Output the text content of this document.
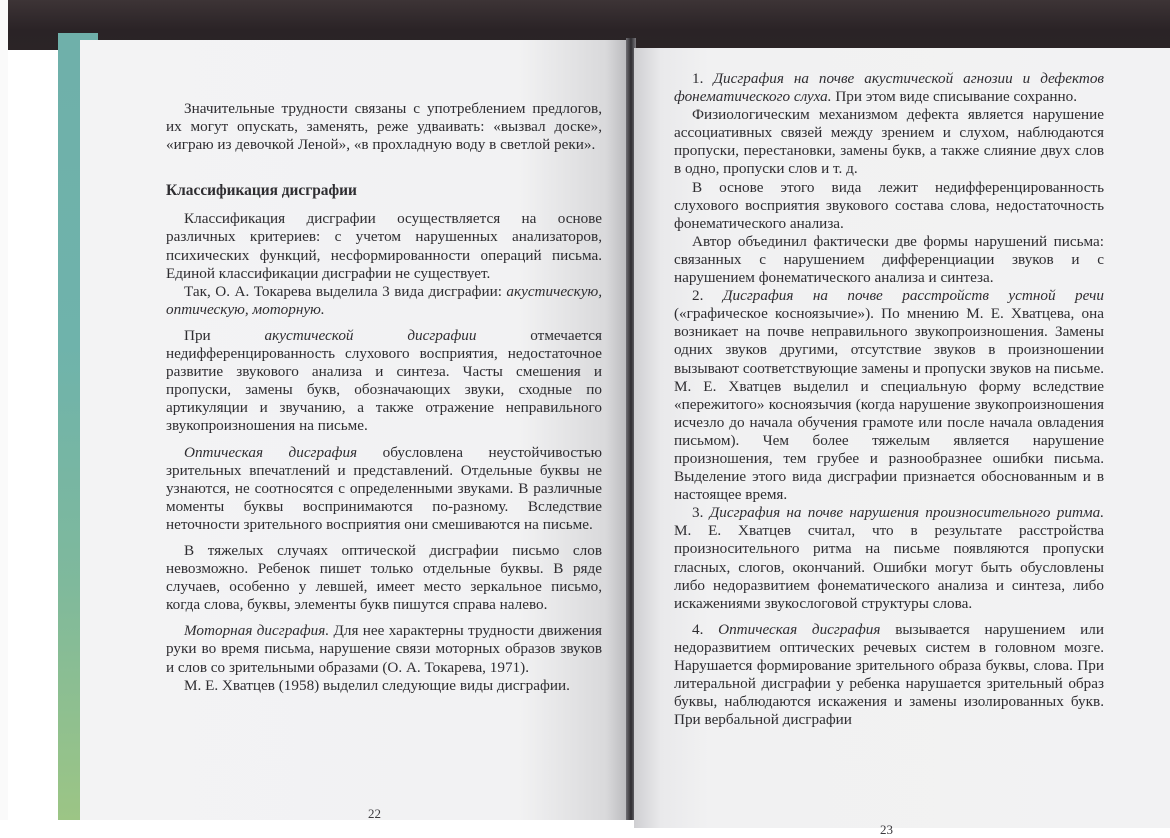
Значительные трудности связаны с употреблением предлогов, их могут опускать, заменять, реже удваивать: «вызвал доске», «играю из девочкой Леной», «в прохладную воду в светлой реки».

Классификация дисграфии

Классификация дисграфии осуществляется на основе различных критериев: с учетом нарушенных анализаторов, психических функций, несформированности операций письма. Единой классификации дисграфии не существует.

Так, О. А. Токарева выделила 3 вида дисграфии: акустическую, оптическую, моторную.

При акустической дисграфии отмечается недифференцированность слухового восприятия, недостаточное развитие звукового анализа и синтеза. Часты смешения и пропуски, замены букв, обозначающих звуки, сходные по артикуляции и звучанию, а также отражение неправильного звукопроизношения на письме.

Оптическая дисграфия обусловлена неустойчивостью зрительных впечатлений и представлений. Отдельные буквы не узнаются, не соотносятся с определенными звуками. В различные моменты буквы воспринимаются по-разному. Вследствие неточности зрительного восприятия они смешиваются на письме.

В тяжелых случаях оптической дисграфии письмо слов невозможно. Ребенок пишет только отдельные буквы. В ряде случаев, особенно у левшей, имеет место зеркальное письмо, когда слова, буквы, элементы букв пишутся справа налево.

Моторная дисграфия. Для нее характерны трудности движения руки во время письма, нарушение связи моторных образов звуков и слов со зрительными образами (О. А. Токарева, 1971).

М. Е. Хватцев (1958) выделил следующие виды дисграфии.

22

1. Дисграфия на почве акустической агнозии и дефектов фонематического слуха. При этом виде списывание сохранно.

Физиологическим механизмом дефекта является нарушение ассоциативных связей между зрением и слухом, наблюдаются пропуски, перестановки, замены букв, а также слияние двух слов в одно, пропуски слов и т. д.

В основе этого вида лежит недифференцированность слухового восприятия звукового состава слова, недостаточность фонематического анализа.

Автор объединил фактически две формы нарушений письма: связанных с нарушением дифференциации звуков и с нарушением фонематического анализа и синтеза.

2. Дисграфия на почве расстройств устной речи («графическое косноязычие»). По мнению М. Е. Хватцева, она возникает на почве неправильного звукопроизношения. Замены одних звуков другими, отсутствие звуков в произношении вызывают соответствующие замены и пропуски звуков на письме. М. Е. Хватцев выделил и специальную форму вследствие «пережитого» косноязычия (когда нарушение звукопроизношения исчезло до начала обучения грамоте или после начала овладения письмом). Чем более тяжелым является нарушение произношения, тем грубее и разнообразнее ошибки письма. Выделение этого вида дисграфии признается обоснованным и в настоящее время.

3. Дисграфия на почве нарушения произносительного ритма. М. Е. Хватцев считал, что в результате расстройства произносительного ритма на письме появляются пропуски гласных, слогов, окончаний. Ошибки могут быть обусловлены либо недоразвитием фонематического анализа и синтеза, либо искажениями звукослоговой структуры слова.

4. Оптическая дисграфия вызывается нарушением или недоразвитием оптических речевых систем в головном мозге. Нарушается формирование зрительного образа буквы, слова. При литеральной дисграфии у ребенка нарушается зрительный образ буквы, наблюдаются искажения и замены изолированных букв. При вербальной дисграфии

23
